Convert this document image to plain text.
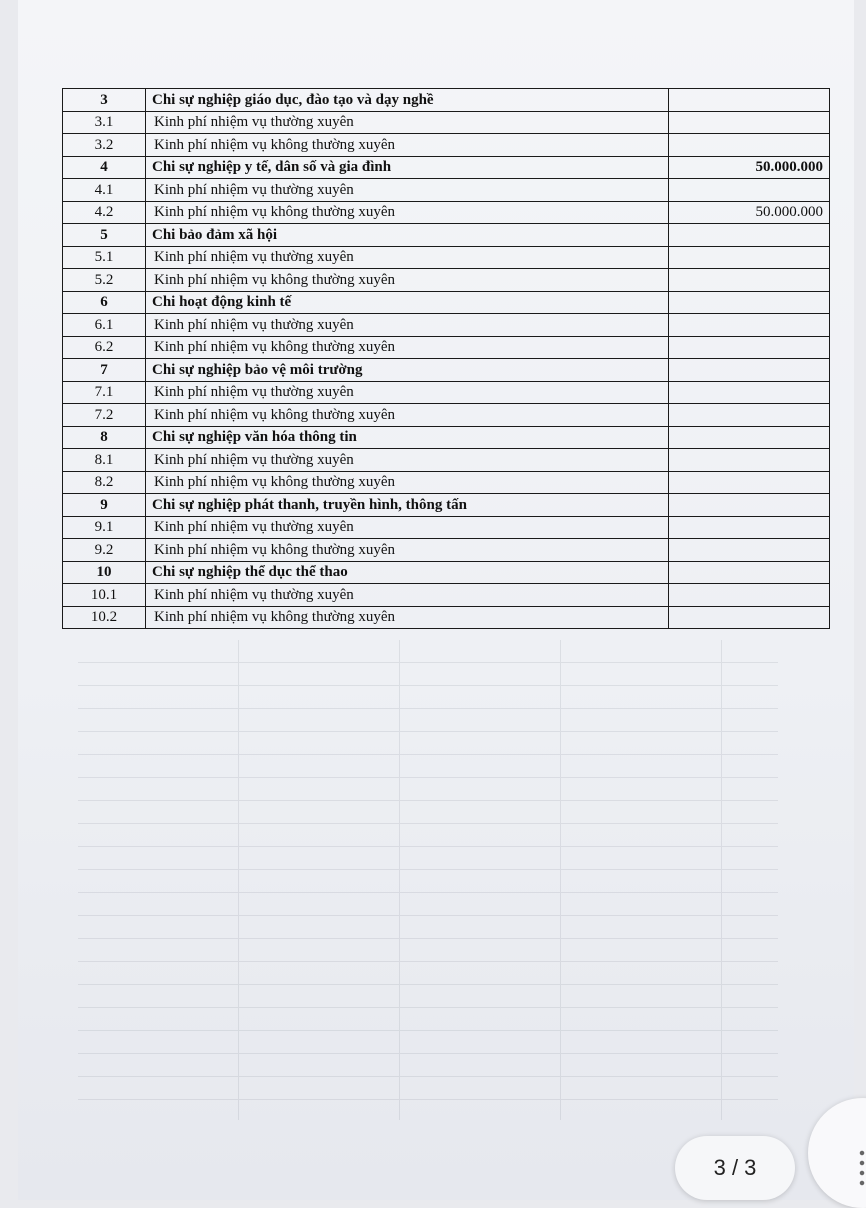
3	Chi sự nghiệp giáo dục, đào tạo và dạy nghề	
3.1	Kinh phí nhiệm vụ thường xuyên	
3.2	Kinh phí nhiệm vụ không thường xuyên	
4	Chi sự nghiệp y tế, dân số và gia đình	50.000.000
4.1	Kinh phí nhiệm vụ thường xuyên	
4.2	Kinh phí nhiệm vụ không thường xuyên	50.000.000
5	Chi bảo đảm xã hội	
5.1	Kinh phí nhiệm vụ thường xuyên	
5.2	Kinh phí nhiệm vụ không thường xuyên	
6	Chi hoạt động kinh tế	
6.1	Kinh phí nhiệm vụ thường xuyên	
6.2	Kinh phí nhiệm vụ không thường xuyên	
7	Chi sự nghiệp bảo vệ môi trường	
7.1	Kinh phí nhiệm vụ thường xuyên	
7.2	Kinh phí nhiệm vụ không thường xuyên	
8	Chi sự nghiệp văn hóa thông tin	
8.1	Kinh phí nhiệm vụ thường xuyên	
8.2	Kinh phí nhiệm vụ không thường xuyên	
9	Chi sự nghiệp phát thanh, truyền hình, thông tấn	
9.1	Kinh phí nhiệm vụ thường xuyên	
9.2	Kinh phí nhiệm vụ không thường xuyên	
10	Chi sự nghiệp thể dục thể thao	
10.1	Kinh phí nhiệm vụ thường xuyên	
10.2	Kinh phí nhiệm vụ không thường xuyên	
3 / 3
